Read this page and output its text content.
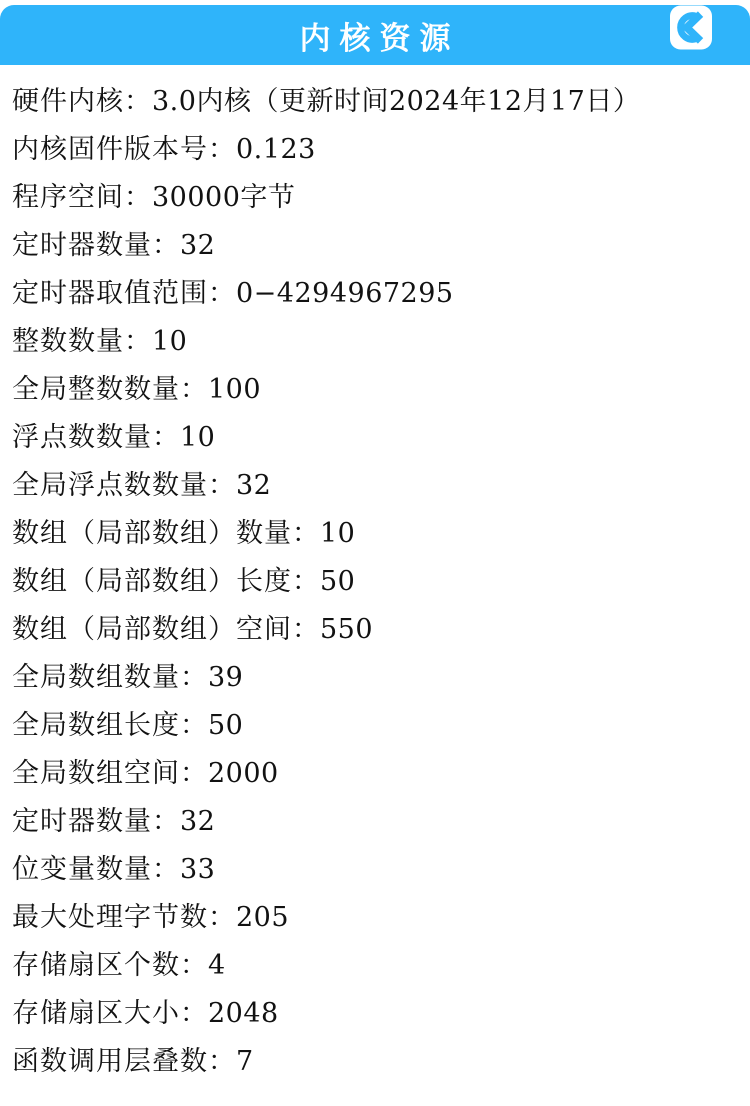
内核资源
硬件内核：3.0内核（更新时间2024年12月17日）
内核固件版本号：0.123
程序空间：30000字节
定时器数量：32
定时器取值范围：0−4294967295
整数数量：10
全局整数数量：100
浮点数数量：10
全局浮点数数量：32
数组（局部数组）数量：10
数组（局部数组）长度：50
数组（局部数组）空间：550
全局数组数量：39
全局数组长度：50
全局数组空间：2000
定时器数量：32
位变量数量：33
最大处理字节数：205
存储扇区个数：4
存储扇区大小：2048
函数调用层叠数：7
